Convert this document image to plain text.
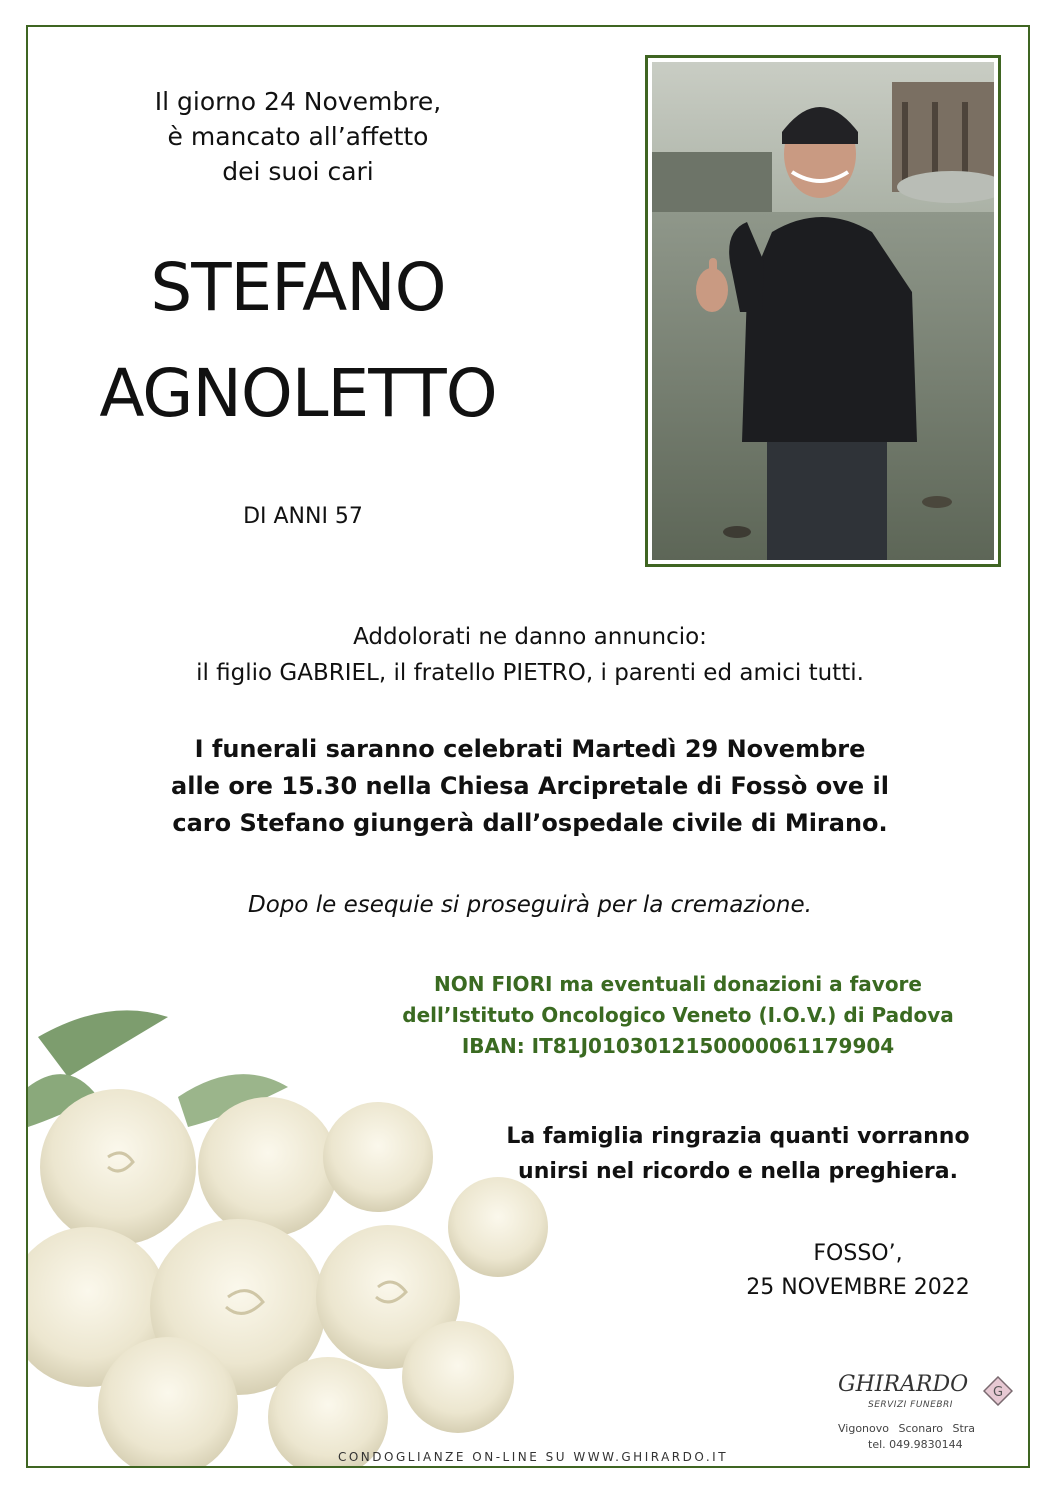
Il giorno 24 Novembre,
è mancato all’affetto
dei suoi cari
STEFANO
AGNOLETTO
DI ANNI 57
Addolorati ne danno annuncio:
il figlio GABRIEL, il fratello PIETRO, i parenti ed amici tutti.
I funerali saranno celebrati Martedì 29 Novembre
alle ore 15.30 nella Chiesa Arcipretale di Fossò ove il
caro Stefano giungerà dall’ospedale civile di Mirano.
Dopo le esequie si proseguirà per la cremazione.
NON FIORI ma eventuali donazioni a favore
dell’Istituto Oncologico Veneto (I.O.V.) di Padova
IBAN: IT81J0103012150000061179904
La famiglia ringrazia quanti vorranno
unirsi nel ricordo e nella preghiera.
FOSSO’,
25 NOVEMBRE 2022
CONDOGLIANZE ON-LINE SU WWW.GHIRARDO.IT
GHIRARDO
SERVIZI FUNEBRI
G
Vigonovo Sconaro Stra
tel. 049.9830144
